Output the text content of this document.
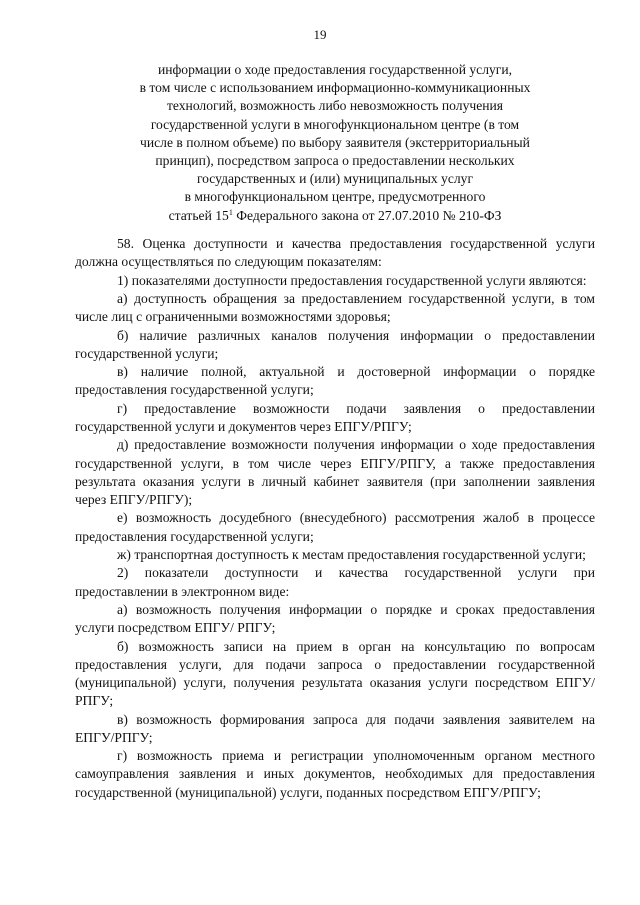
19
информации о ходе предоставления государственной услуги,
в том числе с использованием информационно-коммуникационных
технологий, возможность либо невозможность получения
государственной услуги в многофункциональном центре (в том
числе в полном объеме) по выбору заявителя (экстерриториальный
принцип), посредством запроса о предоставлении нескольких
государственных и (или) муниципальных услуг
в многофункциональном центре, предусмотренного
статьей $15^1$ Федерального закона от 27.07.2010 № 210-ФЗ

58. Оценка доступности и качества предоставления государственной услуги должна осуществляться по следующим показателям:

1) показателями доступности предоставления государственной услуги являются:

а) доступность обращения за предоставлением государственной услуги, в том числе лиц с ограниченными возможностями здоровья;

б) наличие различных каналов получения информации о предоставлении государственной услуги;

в) наличие полной, актуальной и достоверной информации о порядке предоставления государственной услуги;

г) предоставление возможности подачи заявления о предоставлении государственной услуги и документов через ЕПГУ/РПГУ;

д) предоставление возможности получения информации о ходе предоставления государственной услуги, в том числе через ЕПГУ/РПГУ, а также предоставления результата оказания услуги в личный кабинет заявителя (при заполнении заявления через ЕПГУ/РПГУ);

е) возможность досудебного (внесудебного) рассмотрения жалоб в процессе предоставления государственной услуги;

ж) транспортная доступность к местам предоставления государственной услуги;

2) показатели доступности и качества государственной услуги при предоставлении в электронном виде:

а) возможность получения информации о порядке и сроках предоставления услуги посредством ЕПГУ/ РПГУ;

б) возможность записи на прием в орган на консультацию по вопросам предоставления услуги, для подачи запроса о предоставлении государственной (муниципальной) услуги, получения результата оказания услуги посредством ЕПГУ/РПГУ;

в) возможность формирования запроса для подачи заявления заявителем на ЕПГУ/РПГУ;

г) возможность приема и регистрации уполномоченным органом местного самоуправления заявления и иных документов, необходимых для предоставления государственной (муниципальной) услуги, поданных посредством ЕПГУ/РПГУ;
